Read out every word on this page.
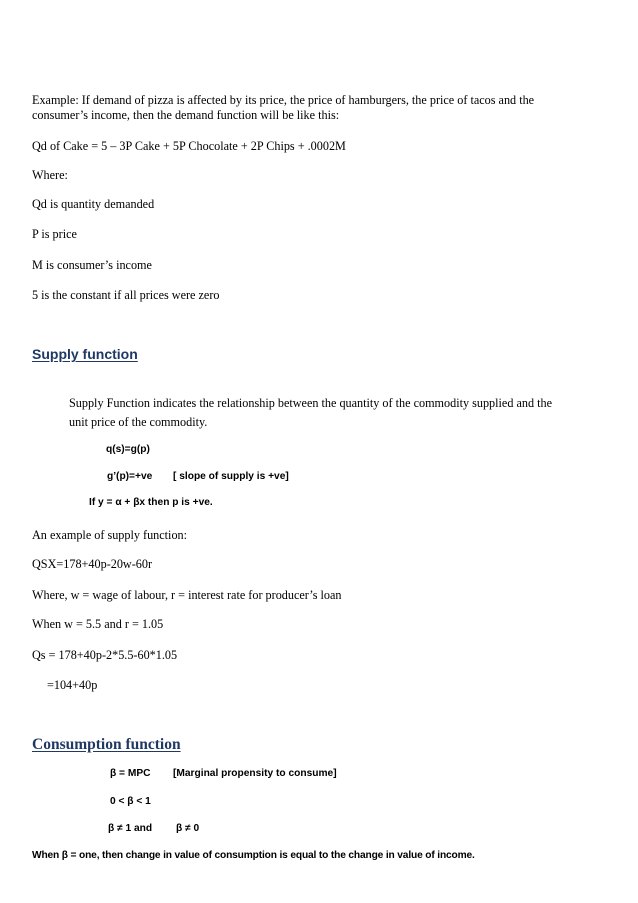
Example: If demand of pizza is affected by its price, the price of hamburgers, the price of tacos and the
consumer’s income, then the demand function will be like this:
Qd of Cake = 5 – 3P Cake + 5P Chocolate + 2P Chips + .0002M
Where:
Qd is quantity demanded
P is price
M is consumer’s income
5 is the constant if all prices were zero
Supply function
Supply Function indicates the relationship between the quantity of the commodity supplied and the
unit price of the commodity.
q(s)=g(p)
g’(p)=+ve [ slope of supply is +ve]
If y = α + βx then p is +ve.
An example of supply function:
QSX=178+40p-20w-60r
Where, w = wage of labour, r = interest rate for producer’s loan
When w = 5.5 and r = 1.05
Qs = 178+40p-2*5.5-60*1.05
=104+40p
Consumption function
β = MPC [Marginal propensity to consume]
0 < β < 1
β ≠ 1 and β ≠ 0
When β = one, then change in value of consumption is equal to the change in value of income.
